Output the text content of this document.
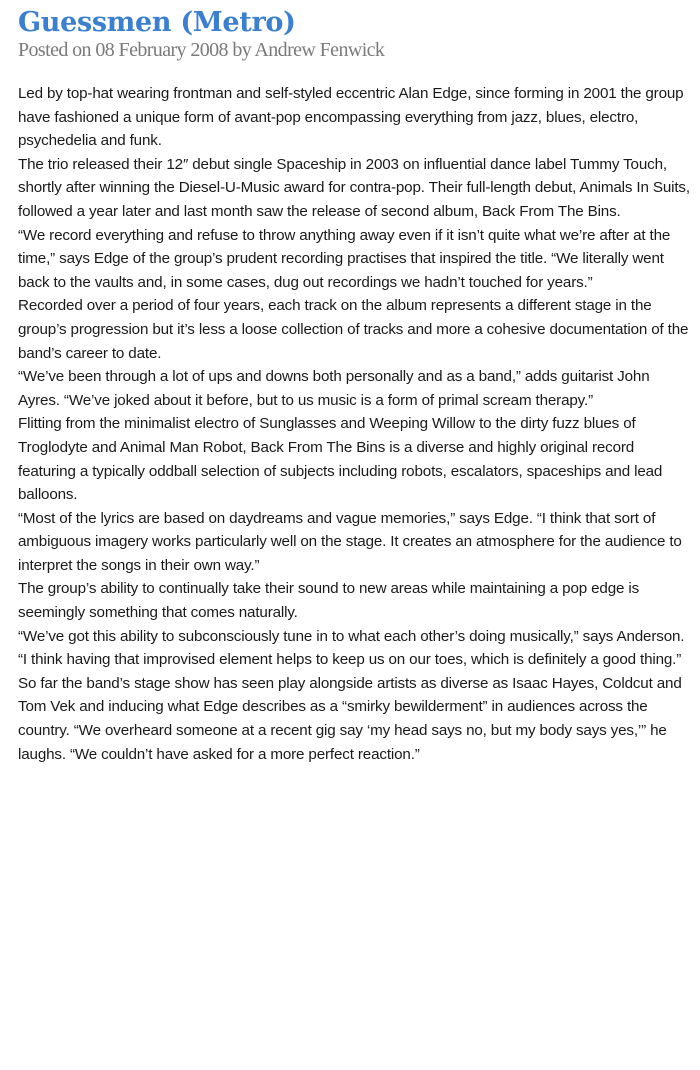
Guessmen (Metro)
Posted on 08 February 2008 by Andrew Fenwick

Led by top-hat wearing frontman and self-styled eccentric Alan Edge, since forming in 2001 the group have fashioned a unique form of avant-pop encompassing everything from jazz, blues, electro, psychedelia and funk.

The trio released their 12″ debut single Spaceship in 2003 on influential dance label Tummy Touch, shortly after winning the Diesel-U-Music award for contra-pop. Their full-length debut, Animals In Suits, followed a year later and last month saw the release of second album, Back From The Bins.

“We record everything and refuse to throw anything away even if it isn’t quite what we’re after at the time,” says Edge of the group’s prudent recording practises that inspired the title. “We literally went back to the vaults and, in some cases, dug out recordings we hadn’t touched for years.”

Recorded over a period of four years, each track on the album represents a different stage in the group’s progression but it’s less a loose collection of tracks and more a cohesive documentation of the band’s career to date.

“We’ve been through a lot of ups and downs both personally and as a band,” adds guitarist John Ayres. “We’ve joked about it before, but to us music is a form of primal scream therapy.”

Flitting from the minimalist electro of Sunglasses and Weeping Willow to the dirty fuzz blues of Troglodyte and Animal Man Robot, Back From The Bins is a diverse and highly original record featuring a typically oddball selection of subjects including robots, escalators, spaceships and lead balloons.

“Most of the lyrics are based on daydreams and vague memories,” says Edge. “I think that sort of ambiguous imagery works particularly well on the stage. It creates an atmosphere for the audience to interpret the songs in their own way.”

The group’s ability to continually take their sound to new areas while maintaining a pop edge is seemingly something that comes naturally.

“We’ve got this ability to subconsciously tune in to what each other’s doing musically,” says Anderson. “I think having that improvised element helps to keep us on our toes, which is definitely a good thing.”

So far the band’s stage show has seen play alongside artists as diverse as Isaac Hayes, Coldcut and Tom Vek and inducing what Edge describes as a “smirky bewilderment” in audiences across the country. “We overheard someone at a recent gig say ‘my head says no, but my body says yes,’” he laughs. “We couldn’t have asked for a more perfect reaction.”
